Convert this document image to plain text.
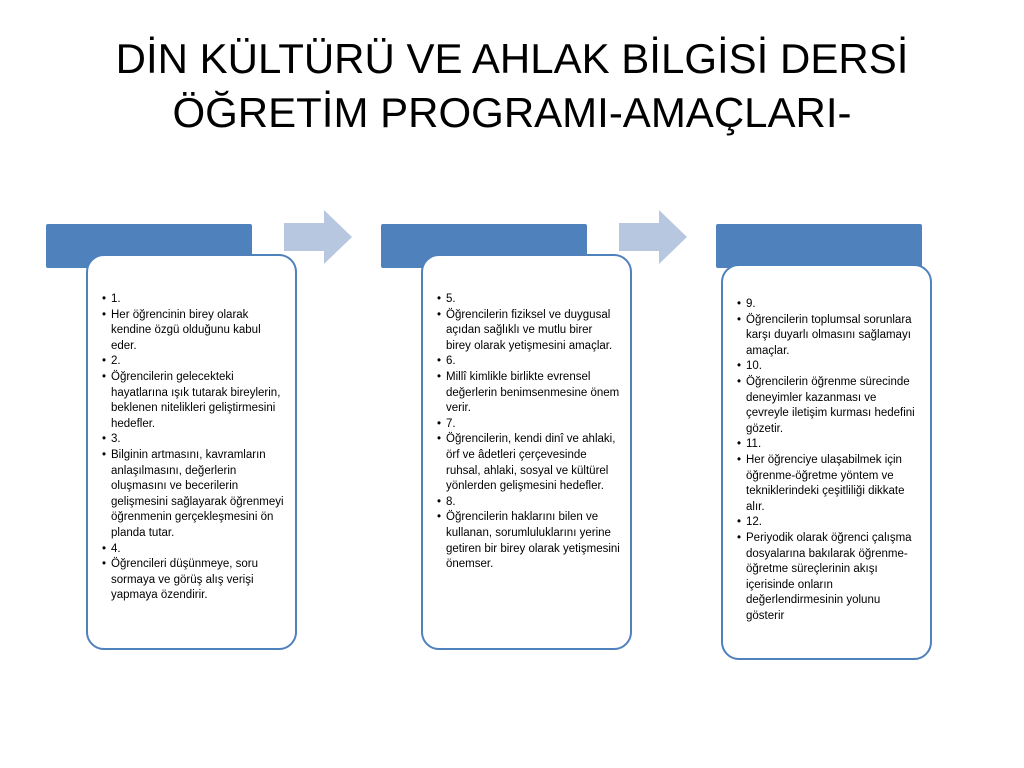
DİN KÜLTÜRÜ VE AHLAK BİLGİSİ DERSİ
ÖĞRETİM PROGRAMI-AMAÇLARI-
• 1.
• Her öğrencinin birey olarak kendine özgü olduğunu kabul eder.
• 2.
• Öğrencilerin gelecekteki hayatlarına ışık tutarak bireylerin, beklenen nitelikleri geliştirmesini hedefler.
• 3.
• Bilginin artmasını, kavramların anlaşılmasını, değerlerin oluşmasını ve becerilerin gelişmesini sağlayarak öğrenmeyi öğrenmenin gerçekleşmesini ön planda tutar.
• 4.
• Öğrencileri düşünmeye, soru sormaya ve görüş alış verişi yapmaya özendirir.
• 5.
• Öğrencilerin fiziksel ve duygusal açıdan sağlıklı ve mutlu birer birey olarak yetişmesini amaçlar.
• 6.
• Millî kimlikle birlikte evrensel değerlerin benimsenmesine önem verir.
• 7.
• Öğrencilerin, kendi dinî ve ahlaki, örf ve âdetleri çerçevesinde ruhsal, ahlaki, sosyal ve kültürel yönlerden gelişmesini hedefler.
• 8.
• Öğrencilerin haklarını bilen ve kullanan, sorumluluklarını yerine getiren bir birey olarak yetişmesini önemser.
• 9.
• Öğrencilerin toplumsal sorunlara karşı duyarlı olmasını sağlamayı amaçlar.
• 10.
• Öğrencilerin öğrenme sürecinde deneyimler kazanması ve çevreyle iletişim kurması hedefini gözetir.
• 11.
• Her öğrenciye ulaşabilmek için öğrenme-öğretme yöntem ve tekniklerindeki çeşitliliği dikkate alır.
• 12.
• Periyodik olarak öğrenci çalışma dosyalarına bakılarak öğrenme-öğretme süreçlerinin akışı içerisinde onların değerlendirmesinin yolunu gösterir
